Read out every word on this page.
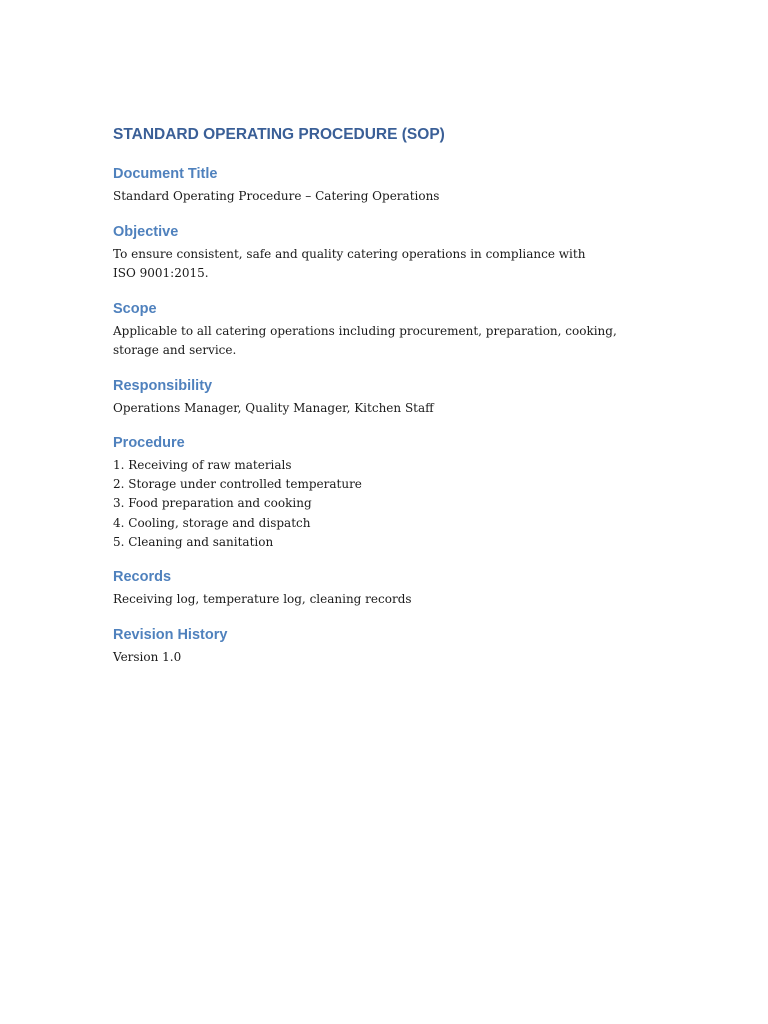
STANDARD OPERATING PROCEDURE (SOP)
Document Title

Standard Operating Procedure – Catering Operations

Objective

To ensure consistent, safe and quality catering operations in compliance with ISO 9001:2015.

Scope

Applicable to all catering operations including procurement, preparation, cooking, storage and service.

Responsibility

Operations Manager, Quality Manager, Kitchen Staff

Procedure
1. Receiving of raw materials
2. Storage under controlled temperature
3. Food preparation and cooking
4. Cooling, storage and dispatch
5. Cleaning and sanitation
Records

Receiving log, temperature log, cleaning records

Revision History

Version 1.0
